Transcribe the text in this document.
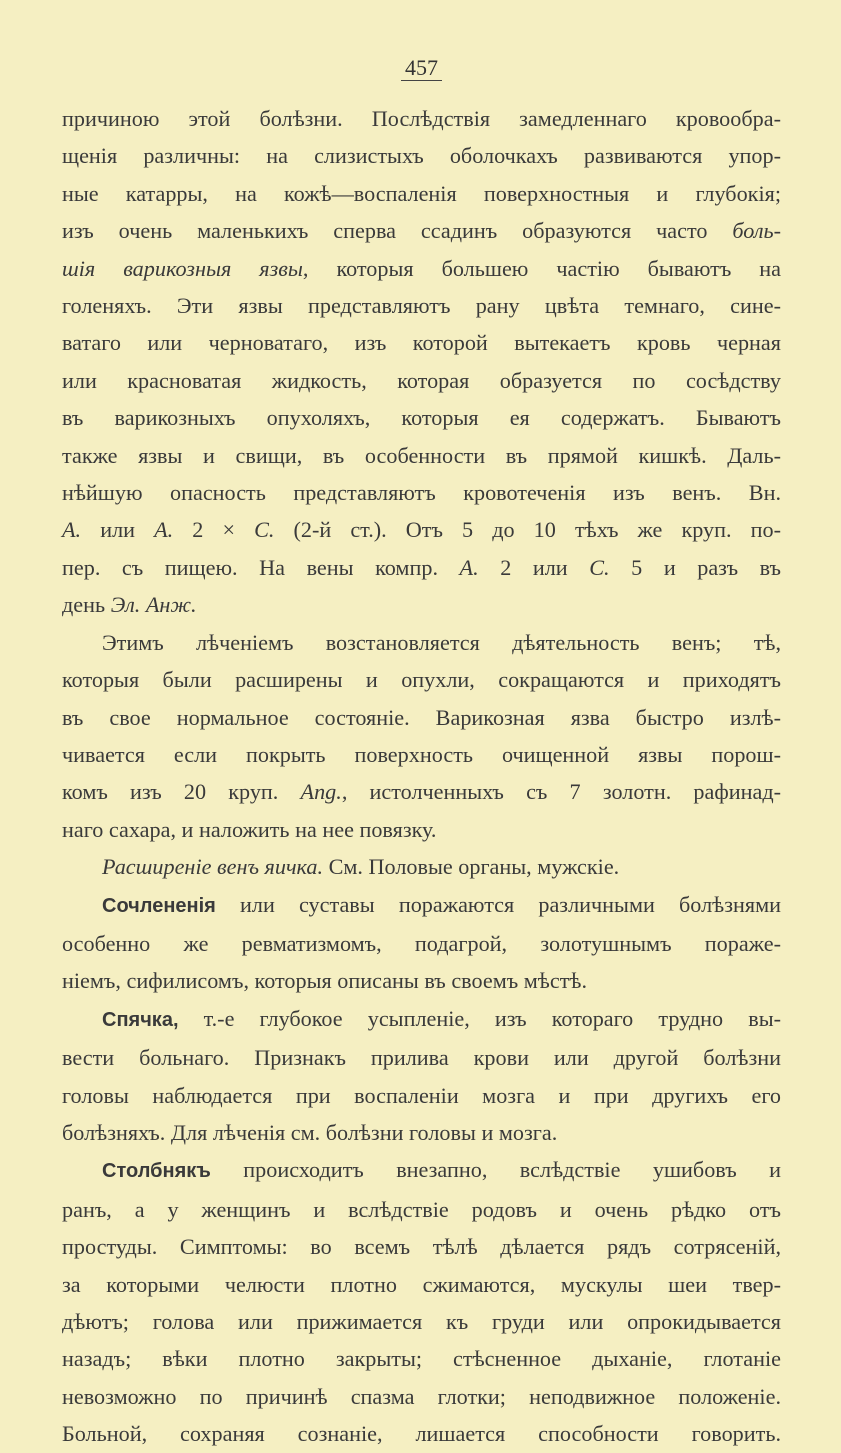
457
причиною этой болѣзни. Послѣдствія замедленнаго кровообра-
щенія различны: на слизистыхъ оболочкахъ развиваются упор-
ные катарры, на кожѣ—воспаленія поверхностныя и глубокія;
изъ очень маленькихъ сперва ссадинъ образуются часто боль-
шія варикозныя язвы, которыя большею частію бываютъ на
голеняхъ. Эти язвы представляютъ рану цвѣта темнаго, сине-
ватаго или черноватаго, изъ которой вытекаетъ кровь черная
или красноватая жидкость, которая образуется по сосѣдству
въ варикозныхъ опухоляхъ, которыя ея содержатъ. Бываютъ
также язвы и свищи, въ особенности въ прямой кишкѣ. Даль-
нѣйшую опасность представляютъ кровотеченія изъ венъ. Вн.
А. или А. 2 × С. (2-й ст.). Отъ 5 до 10 тѣхъ же круп. по-
пер. съ пищею. На вены компр. А. 2 или С. 5 и разъ въ
день Эл. Анж.
Этимъ лѣченіемъ возстановляется дѣятельность венъ; тѣ,
которыя были расширены и опухли, сокращаются и приходятъ
въ свое нормальное состояніе. Варикозная язва быстро излѣ-
чивается если покрыть поверхность очищенной язвы порош-
комъ изъ 20 круп. Ang., истолченныхъ съ 7 золотн. рафинад-
наго сахара, и наложить на нее повязку.
Расширеніе венъ яичка. См. Половые органы, мужскіе.
Сочлененія или суставы поражаются различными болѣзнями
особенно же ревматизмомъ, подагрой, золотушнымъ пораже-
ніемъ, сифилисомъ, которыя описаны въ своемъ мѣстѣ.
Спячка, т.-е глубокое усыпленіе, изъ котораго трудно вы-
вести больнаго. Признакъ прилива крови или другой болѣзни
головы наблюдается при воспаленіи мозга и при другихъ его
болѣзняхъ. Для лѣченія см. болѣзни головы и мозга.
Столбнякъ происходитъ внезапно, вслѣдствіе ушибовъ и
ранъ, а у женщинъ и вслѣдствіе родовъ и очень рѣдко отъ
простуды. Симптомы: во всемъ тѣлѣ дѣлается рядъ сотрясеній,
за которыми челюсти плотно сжимаются, мускулы шеи твер-
дѣютъ; голова или прижимается къ груди или опрокидывается
назадъ; вѣки плотно закрыты; стѣсненное дыханіе, глотаніе
невозможно по причинѣ спазма глотки; неподвижное положеніе.
Больной, сохраняя сознаніе, лишается способности говорить.
